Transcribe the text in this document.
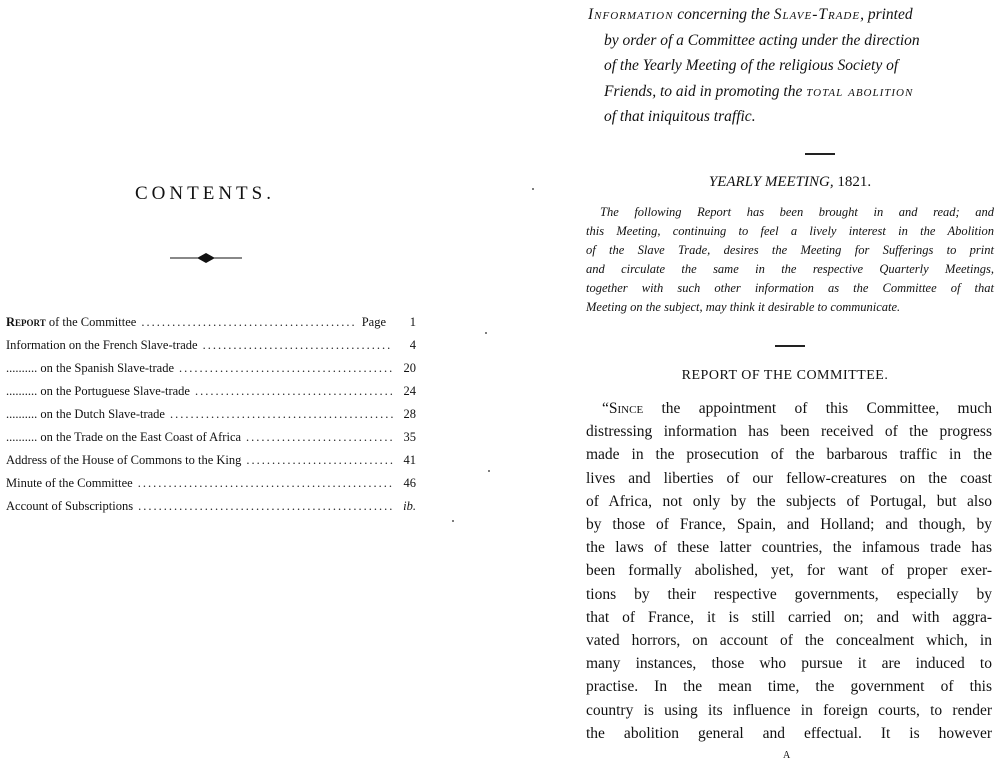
CONTENTS.
Report of the Committee .....	Page	1
Information on the French Slave-trade .....	4
.......... on the Spanish Slave-trade .....	20
.......... on the Portuguese Slave-trade .....	24
.......... on the Dutch Slave-trade .....	28
.......... on the Trade on the East Coast of Africa .....	35
Address of the House of Commons to the King .....	41
Minute of the Committee .....	46
Account of Subscriptions .....	ib.

Information concerning the Slave-Trade, printed
by order of a Committee acting under the direction
of the Yearly Meeting of the religious Society of
Friends, to aid in promoting the total abolition
of that iniquitous traffic.

YEARLY MEETING, 1821.

The following Report has been brought in and read; and
this Meeting, continuing to feel a lively interest in the Abolition
of the Slave Trade, desires the Meeting for Sufferings to print
and circulate the same in the respective Quarterly Meetings,
together with such other information as the Committee of that
Meeting on the subject, may think it desirable to communicate.

REPORT OF THE COMMITTEE.

“Since the appointment of this Committee, much
distressing information has been received of the progress
made in the prosecution of the barbarous traffic in the
lives and liberties of our fellow-creatures on the coast
of Africa, not only by the subjects of Portugal, but also
by those of France, Spain, and Holland; and though, by
the laws of these latter countries, the infamous trade has
been formally abolished, yet, for want of proper exer-
tions by their respective governments, especially by
that of France, it is still carried on; and with aggra-
vated horrors, on account of the concealment which, in
many instances, those who pursue it are induced to
practise. In the mean time, the government of this
country is using its influence in foreign courts, to render
the abolition general and effectual. It is however

A
